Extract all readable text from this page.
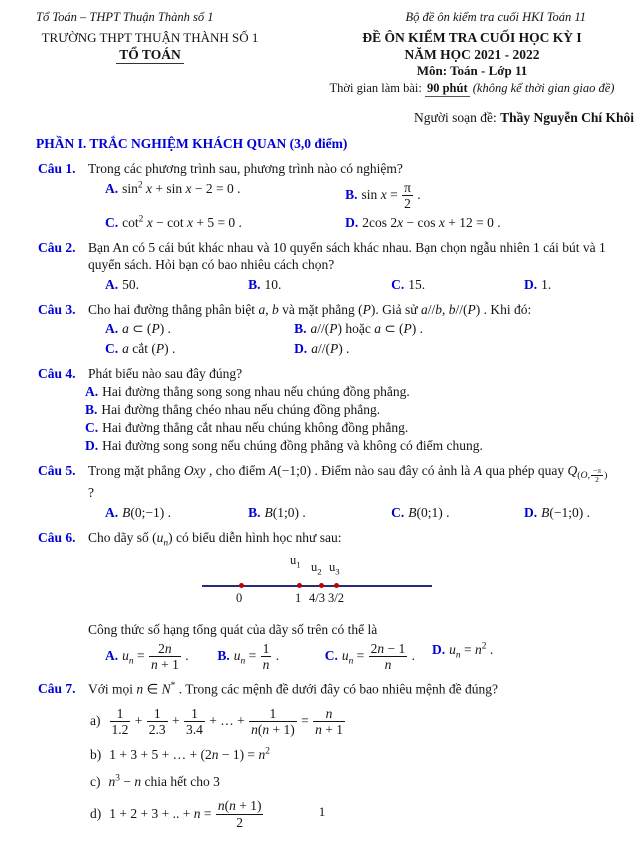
Tổ Toán – THPT Thuận Thành số 1	Bộ đề ôn kiểm tra cuối HKI Toán 11
TRƯỜNG THPT THUẬN THÀNH SỐ 1
TỔ TOÁN
ĐỀ ÔN KIỂM TRA CUỐI HỌC KỲ I
NĂM HỌC 2021 - 2022
Môn: Toán - Lớp 11
Thời gian làm bài: 90 phút (không kể thời gian giao đề)
Người soạn đề: Thầy Nguyễn Chí Khôi
PHẦN I. TRẮC NGHIỆM KHÁCH QUAN (3,0 điểm)
Câu 1. Trong các phương trình sau, phương trình nào có nghiệm?
A. $\sin^2 x + \sin x - 2 = 0$ .	B. $\sin x = \frac{\pi}{2}$ .
C. $\cot^2 x - \cot x + 5 = 0$ .	D. 2cos 2x − cos x + 12 = 0 .
Câu 2. Bạn An có 5 cái bút khác nhau và 10 quyển sách khác nhau. Bạn chọn ngẫu nhiên 1 cái bút và 1 quyển sách. Hỏi bạn có bao nhiêu cách chọn?
A. 50.	B. 10.	C. 15.	D. 1.
Câu 3. Cho hai đường thẳng phân biệt a, b và mặt phẳng (P). Giả sử a//b, b//(P) . Khi đó:
A. a ⊂ (P) .	B. a//(P) hoặc a ⊂ (P) .
C. a cắt (P) .	D. a//(P) .
Câu 4. Phát biểu nào sau đây đúng?
A. Hai đường thẳng song song nhau nếu chúng đồng phẳng.
B. Hai đường thẳng chéo nhau nếu chúng đồng phẳng.
C. Hai đường thẳng cắt nhau nếu chúng không đồng phẳng.
D. Hai đường song song nếu chúng đồng phẳng và không có điểm chung.
Câu 5. Trong mặt phẳng Oxy , cho điểm A(−1;0) . Điểm nào sau đây có ảnh là A qua phép quay $Q_{(O, \frac{-\pi}{2} )}$ ?
A. B(0;−1) .	B. B(1;0) .	C. B(0;1) .	D. B(−1;0) .
Câu 6. Cho dãy số $(u_n)$ có biểu diễn hình học như sau:
$u_1$ $u_2$ $u_3$
0	1 4/3 3/2
Công thức số hạng tổng quát của dãy số trên có thể là
A. $u_n = \frac{2n}{n + 1}$ .	B. $u_n = \frac{1}{n}$ .	C. $u_n = \frac{2n - 1}{n}$ .	D. $u_n = n^2$ .
Câu 7. Với mọi n ∈ N* . Trong các mệnh đề dưới đây có bao nhiêu mệnh đề đúng?
$a) \frac{1}{1.2} + \frac{1}{2.3} + \frac{1}{3.4}$ + … + $\frac{1}{n(n + 1)} = \frac{n}{n + 1}$
b) 1 + 3 + 5 + … + $(2n - 1) = n^2$
c) $n^3 - n$ chia hết cho 3
d) 1 + 2 + 3 + .. + $n = \frac{n(n + 1)}{2}$	1
